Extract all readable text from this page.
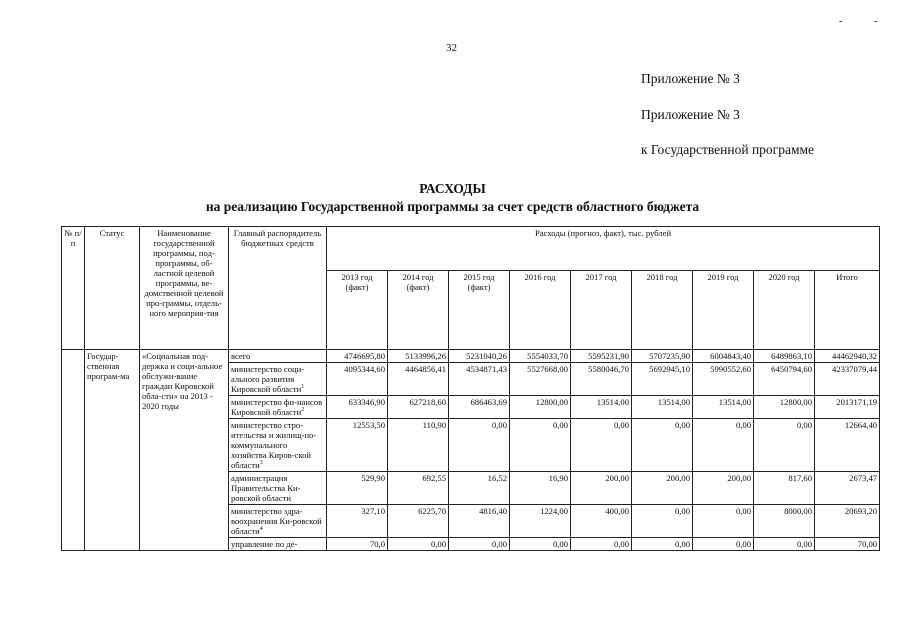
-	-
32
Приложение № 3
Приложение № 3
к Государственной программе
РАСХОДЫ
на реализацию Государственной программы за счет средств областного бюджета
№ п/п	Статус	Наименование государственной программы, под-программы, об-ластной целевой программы, ве-домственной целевой про-граммы, отдель-ного мероприя-тия	Главный распорядитель бюджетных средств	Расходы (прогноз, факт), тыс. рублей								
				2013 год (факт)	2014 год (факт)	2015 год (факт)	2016 год	2017 год	2018 год	2019 год	2020 год	Итого
	Государ-ственная програм-ма	«Социальная под-держка и соци-альное обслужи-вание граждан Кировской обла-сти» на 2013 - 2020 годы	всего	4746695,80	5133996,26	5231040,26	5554033,70	5595231,90	5707235,90	6004843,40	6489863,10	44462940,32
			министерство соци-ального развития Кировской области$^1$	4095344,60	4464856,41	4534871,43	5527668,00	5580046,70	5692945,10	5990552,60	6450794,60	42337079,44
			министерство фи-нансов Кировской области$^2$	633346,90	627218,60	686463,69	12800,00	13514,00	13514,00	13514,00	12800,00	2013171,19
			министерство стро-ительства и жилищ-но-коммунального хозяйства Киров-ской области$^3$	12553,50	110,90	0,00	0,00	0,00	0,00	0,00	0,00	12664,40
			администрация Правительства Ки-ровской области	529,90	692,55	16,52	16,90	200,00	200,00	200,00	817,60	2673,47
			министерство здра-воохранения Ки-ровской области$^4$	327,10	6225,70	4816,40	1224,00	400,00	0,00	0,00	8000,00	20693,20
			управление по де-	70,0	0,00	0,00	0,00	0,00	0,00	0,00	0,00	70,00
